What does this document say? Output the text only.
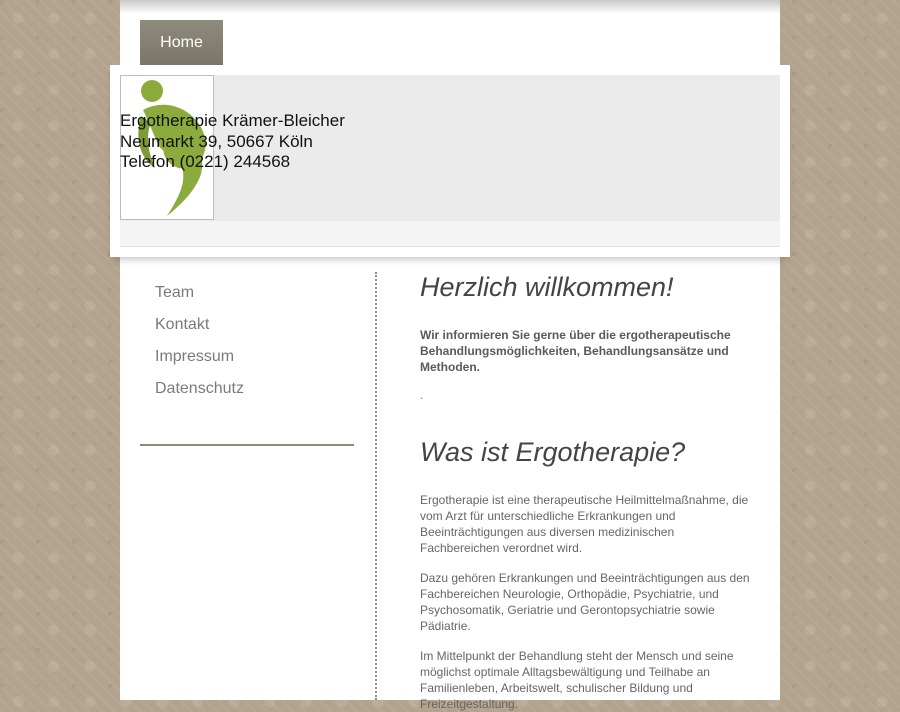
Home
Ergotherapie Krämer-Bleicher
Neumarkt 39, 50667 Köln
Telefon (0221) 244568
Team
Kontakt
Impressum
Datenschutz
Herzlich willkommen!
Wir informieren Sie gerne über die ergotherapeutische Behandlungsmöglichkeiten, Behandlungsansätze und Methoden.
.
Was ist Ergotherapie?
Ergotherapie ist eine therapeutische Heilmittelmaßnahme, die vom Arzt für unterschiedliche Erkrankungen und Beeinträchtigungen aus diversen medizinischen Fachbereichen verordnet wird.
Dazu gehören Erkrankungen und Beeinträchtigungen aus den Fachbereichen Neurologie, Orthopädie, Psychiatrie, und Psychosomatik, Geriatrie und Gerontopsychiatrie sowie Pädiatrie.
Im Mittelpunkt der Behandlung steht der Mensch und seine möglichst optimale Alltagsbewältigung und Teilhabe an Familienleben, Arbeitswelt, schulischer Bildung und Freizeitgestaltung.
